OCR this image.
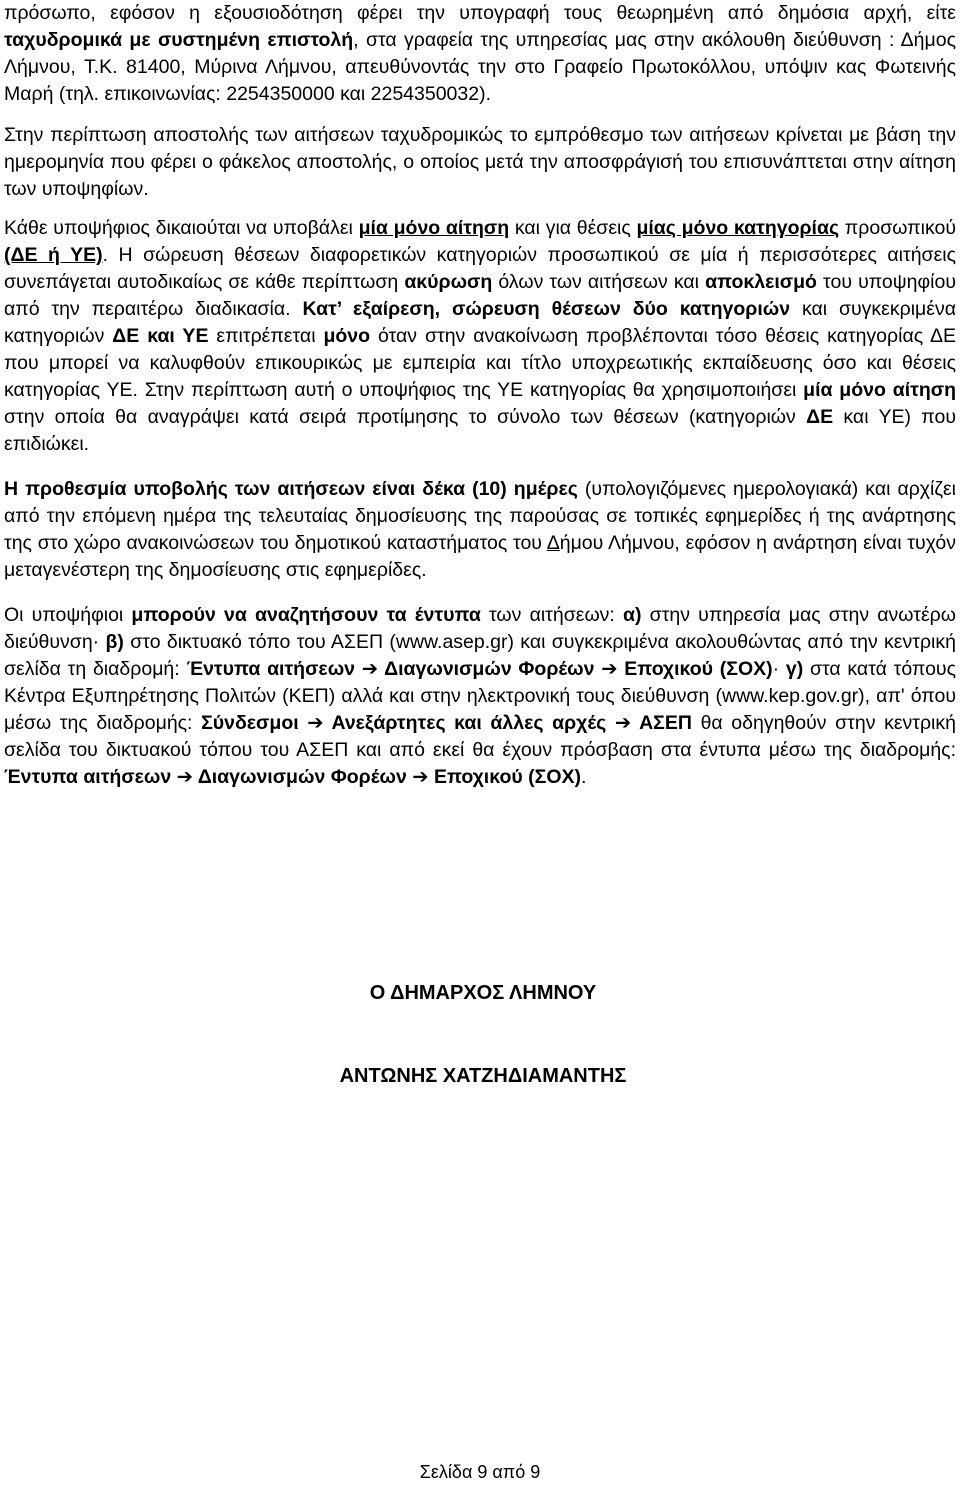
πρόσωπο, εφόσον η εξουσιοδότηση φέρει την υπογραφή τους θεωρημένη από δημόσια αρχή, είτε ταχυδρομικά με συστημένη επιστολή, στα γραφεία της υπηρεσίας μας στην ακόλουθη διεύθυνση : Δήμος Λήμνου, Τ.Κ. 81400, Μύρινα Λήμνου, απευθύνοντάς την στο Γραφείο Πρωτοκόλλου, υπόψιν κας Φωτεινής Μαρή (τηλ. επικοινωνίας: 2254350000 και 2254350032).

Στην περίπτωση αποστολής των αιτήσεων ταχυδρομικώς το εμπρόθεσμο των αιτήσεων κρίνεται με βάση την ημερομηνία που φέρει ο φάκελος αποστολής, ο οποίος μετά την αποσφράγισή του επισυνάπτεται στην αίτηση των υποψηφίων.

Κάθε υποψήφιος δικαιούται να υποβάλει μία μόνο αίτηση και για θέσεις μίας μόνο κατηγορίας προσωπικού (ΔΕ ή ΥΕ). Η σώρευση θέσεων διαφορετικών κατηγοριών προσωπικού σε μία ή περισσότερες αιτήσεις συνεπάγεται αυτοδικαίως σε κάθε περίπτωση ακύρωση όλων των αιτήσεων και αποκλεισμό του υποψηφίου από την περαιτέρω διαδικασία. Κατ’ εξαίρεση, σώρευση θέσεων δύο κατηγοριών και συγκεκριμένα κατηγοριών ΔΕ και ΥΕ επιτρέπεται μόνο όταν στην ανακοίνωση προβλέπονται τόσο θέσεις κατηγορίας ΔΕ που μπορεί να καλυφθούν επικουρικώς με εμπειρία και τίτλο υποχρεωτικής εκπαίδευσης όσο και θέσεις κατηγορίας ΥΕ. Στην περίπτωση αυτή ο υποψήφιος της ΥΕ κατηγορίας θα χρησιμοποιήσει μία μόνο αίτηση στην οποία θα αναγράψει κατά σειρά προτίμησης το σύνολο των θέσεων (κατηγοριών ΔΕ και ΥΕ) που επιδιώκει.

Η προθεσμία υποβολής των αιτήσεων είναι δέκα (10) ημέρες (υπολογιζόμενες ημερολογιακά) και αρχίζει από την επόμενη ημέρα της τελευταίας δημοσίευσης της παρούσας σε τοπικές εφημερίδες ή της ανάρτησης της στο χώρο ανακοινώσεων του δημοτικού καταστήματος του Δήμου Λήμνου, εφόσον η ανάρτηση είναι τυχόν μεταγενέστερη της δημοσίευσης στις εφημερίδες.

Οι υποψήφιοι μπορούν να αναζητήσουν τα έντυπα των αιτήσεων: α) στην υπηρεσία μας στην ανωτέρω διεύθυνση· β) στο δικτυακό τόπο του ΑΣΕΠ (www.asep.gr) και συγκεκριμένα ακολουθώντας από την κεντρική σελίδα τη διαδρομή: Έντυπα αιτήσεων ➔ Διαγωνισμών Φορέων ➔ Εποχικού (ΣΟΧ)· γ) στα κατά τόπους Κέντρα Εξυπηρέτησης Πολιτών (ΚΕΠ) αλλά και στην ηλεκτρονική τους διεύθυνση (www.kep.gov.gr), απ' όπου μέσω της διαδρομής: Σύνδεσμοι ➔ Ανεξάρτητες και άλλες αρχές ➔ ΑΣΕΠ θα οδηγηθούν στην κεντρική σελίδα του δικτυακού τόπου του ΑΣΕΠ και από εκεί θα έχουν πρόσβαση στα έντυπα μέσω της διαδρομής: Έντυπα αιτήσεων ➔ Διαγωνισμών Φορέων ➔ Εποχικού (ΣΟΧ).

Ο ΔΗΜΑΡΧΟΣ ΛΗΜΝΟΥ
ΑΝΤΩΝΗΣ ΧΑΤΖΗΔΙΑΜΑΝΤΗΣ
Σελίδα 9 από 9
